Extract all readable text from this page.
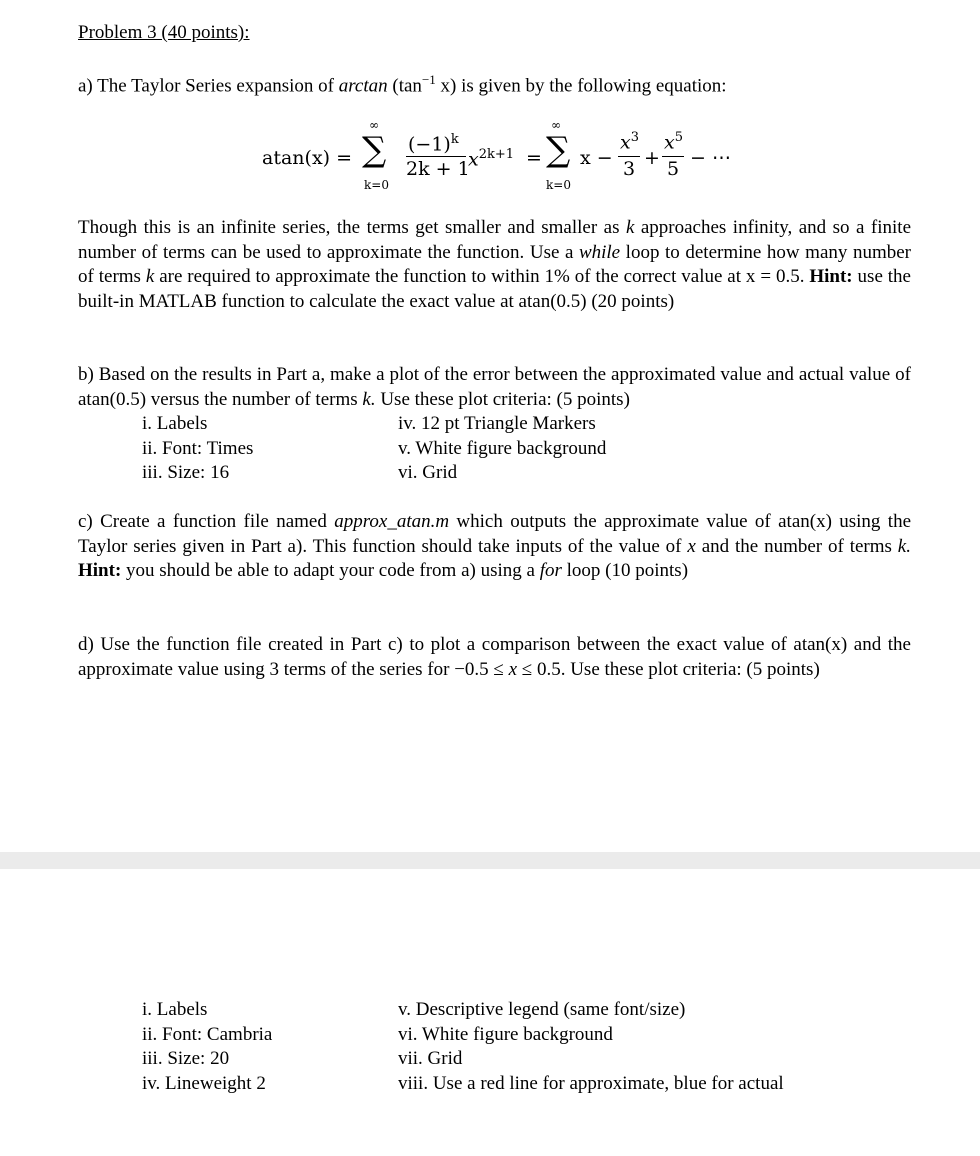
Problem 3 (40 points):
a) The Taylor Series expansion of $\arctan (\tan^{-1}$ x) is given by the following equation:
atan(x) =
∞
∑
k=0
$(-1)^k$
2k + 1
$x^{2k+1}$ =
∞
∑
k=0
x −
$x^3$
3 +
$x^5$
5 − ⋯
Though this is an infinite series, the terms get smaller and smaller as k approaches infinity, and so a finite number of terms can be used to approximate the function. Use a while loop to determine how many number of terms k are required to approximate the function to within 1% of the correct value at x = 0.5. Hint: use the built-in MATLAB function to calculate the exact value at atan(0.5) (20 points)
b) Based on the results in Part a, make a plot of the error between the approximated value and actual value of atan(0.5) versus the number of terms k. Use these plot criteria: (5 points)
i. Labels
ii. Font: Times
iii. Size: 16
iv. 12 pt Triangle Markers
v. White figure background
vi. Grid
c) Create a function file named approx_atan.m which outputs the approximate value of atan(x) using the Taylor series given in Part a). This function should take inputs of the value of x and the number of terms k. Hint: you should be able to adapt your code from a) using a for loop (10 points)
d) Use the function file created in Part c) to plot a comparison between the exact value of atan(x) and the approximate value using 3 terms of the series for −0.5 ≤ x ≤ 0.5. Use these plot criteria: (5 points)
i. Labels
ii. Font: Cambria
iii. Size: 20
iv. Lineweight 2
v. Descriptive legend (same font/size)
vi. White figure background
vii. Grid
viii. Use a red line for approximate, blue for actual
